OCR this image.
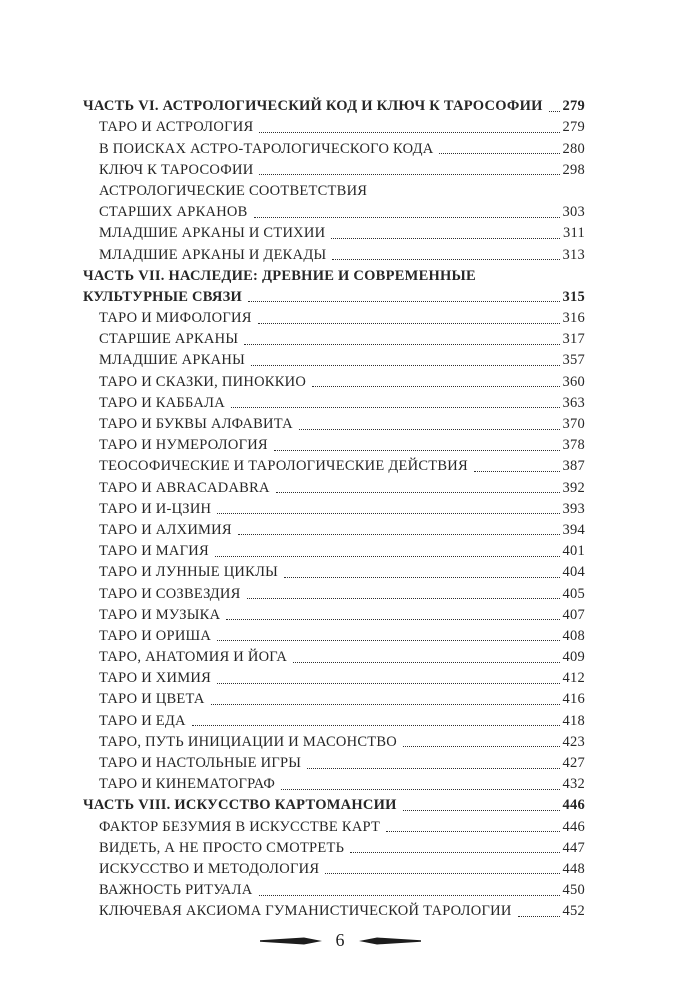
ЧАСТЬ VI. АСТРОЛОГИЧЕСКИЙ КОД И КЛЮЧ К ТАРОСОФИИ 279
ТАРО И АСТРОЛОГИЯ	279
В ПОИСКАХ АСТРО-ТАРОЛОГИЧЕСКОГО КОДА	280
КЛЮЧ К ТАРОСОФИИ	298
АСТРОЛОГИЧЕСКИЕ СООТВЕТСТВИЯ
СТАРШИХ АРКАНОВ	303
МЛАДШИЕ АРКАНЫ И СТИХИИ	311
МЛАДШИЕ АРКАНЫ И ДЕКАДЫ	313
ЧАСТЬ VII. НАСЛЕДИЕ: ДРЕВНИЕ И СОВРЕМЕННЫЕ
КУЛЬТУРНЫЕ СВЯЗИ	315
ТАРО И МИФОЛОГИЯ	316
СТАРШИЕ АРКАНЫ	317
МЛАДШИЕ АРКАНЫ	357
ТАРО И СКАЗКИ, ПИНОККИО	360
ТАРО И КАББАЛА	363
ТАРО И БУКВЫ АЛФАВИТА	370
ТАРО И НУМЕРОЛОГИЯ	378
ТЕОСОФИЧЕСКИЕ И ТАРОЛОГИЧЕСКИЕ ДЕЙСТВИЯ	387
ТАРО И ABRACADABRA	392
ТАРО И И-ЦЗИН	393
ТАРО И АЛХИМИЯ	394
ТАРО И МАГИЯ	401
ТАРО И ЛУННЫЕ ЦИКЛЫ	404
ТАРО И СОЗВЕЗДИЯ	405
ТАРО И МУЗЫКА	407
ТАРО И ОРИША	408
ТАРО, АНАТОМИЯ И ЙОГА	409
ТАРО И ХИМИЯ	412
ТАРО И ЦВЕТА	416
ТАРО И ЕДА	418
ТАРО, ПУТЬ ИНИЦИАЦИИ И МАСОНСТВО	423
ТАРО И НАСТОЛЬНЫЕ ИГРЫ	427
ТАРО И КИНЕМАТОГРАФ	432
ЧАСТЬ VIII. ИСКУССТВО КАРТОМАНСИИ	446
ФАКТОР БЕЗУМИЯ В ИСКУССТВЕ КАРТ	446
ВИДЕТЬ, А НЕ ПРОСТО СМОТРЕТЬ	447
ИСКУССТВО И МЕТОДОЛОГИЯ	448
ВАЖНОСТЬ РИТУАЛА	450
КЛЮЧЕВАЯ АКСИОМА ГУМАНИСТИЧЕСКОЙ ТАРОЛОГИИ	452
6
